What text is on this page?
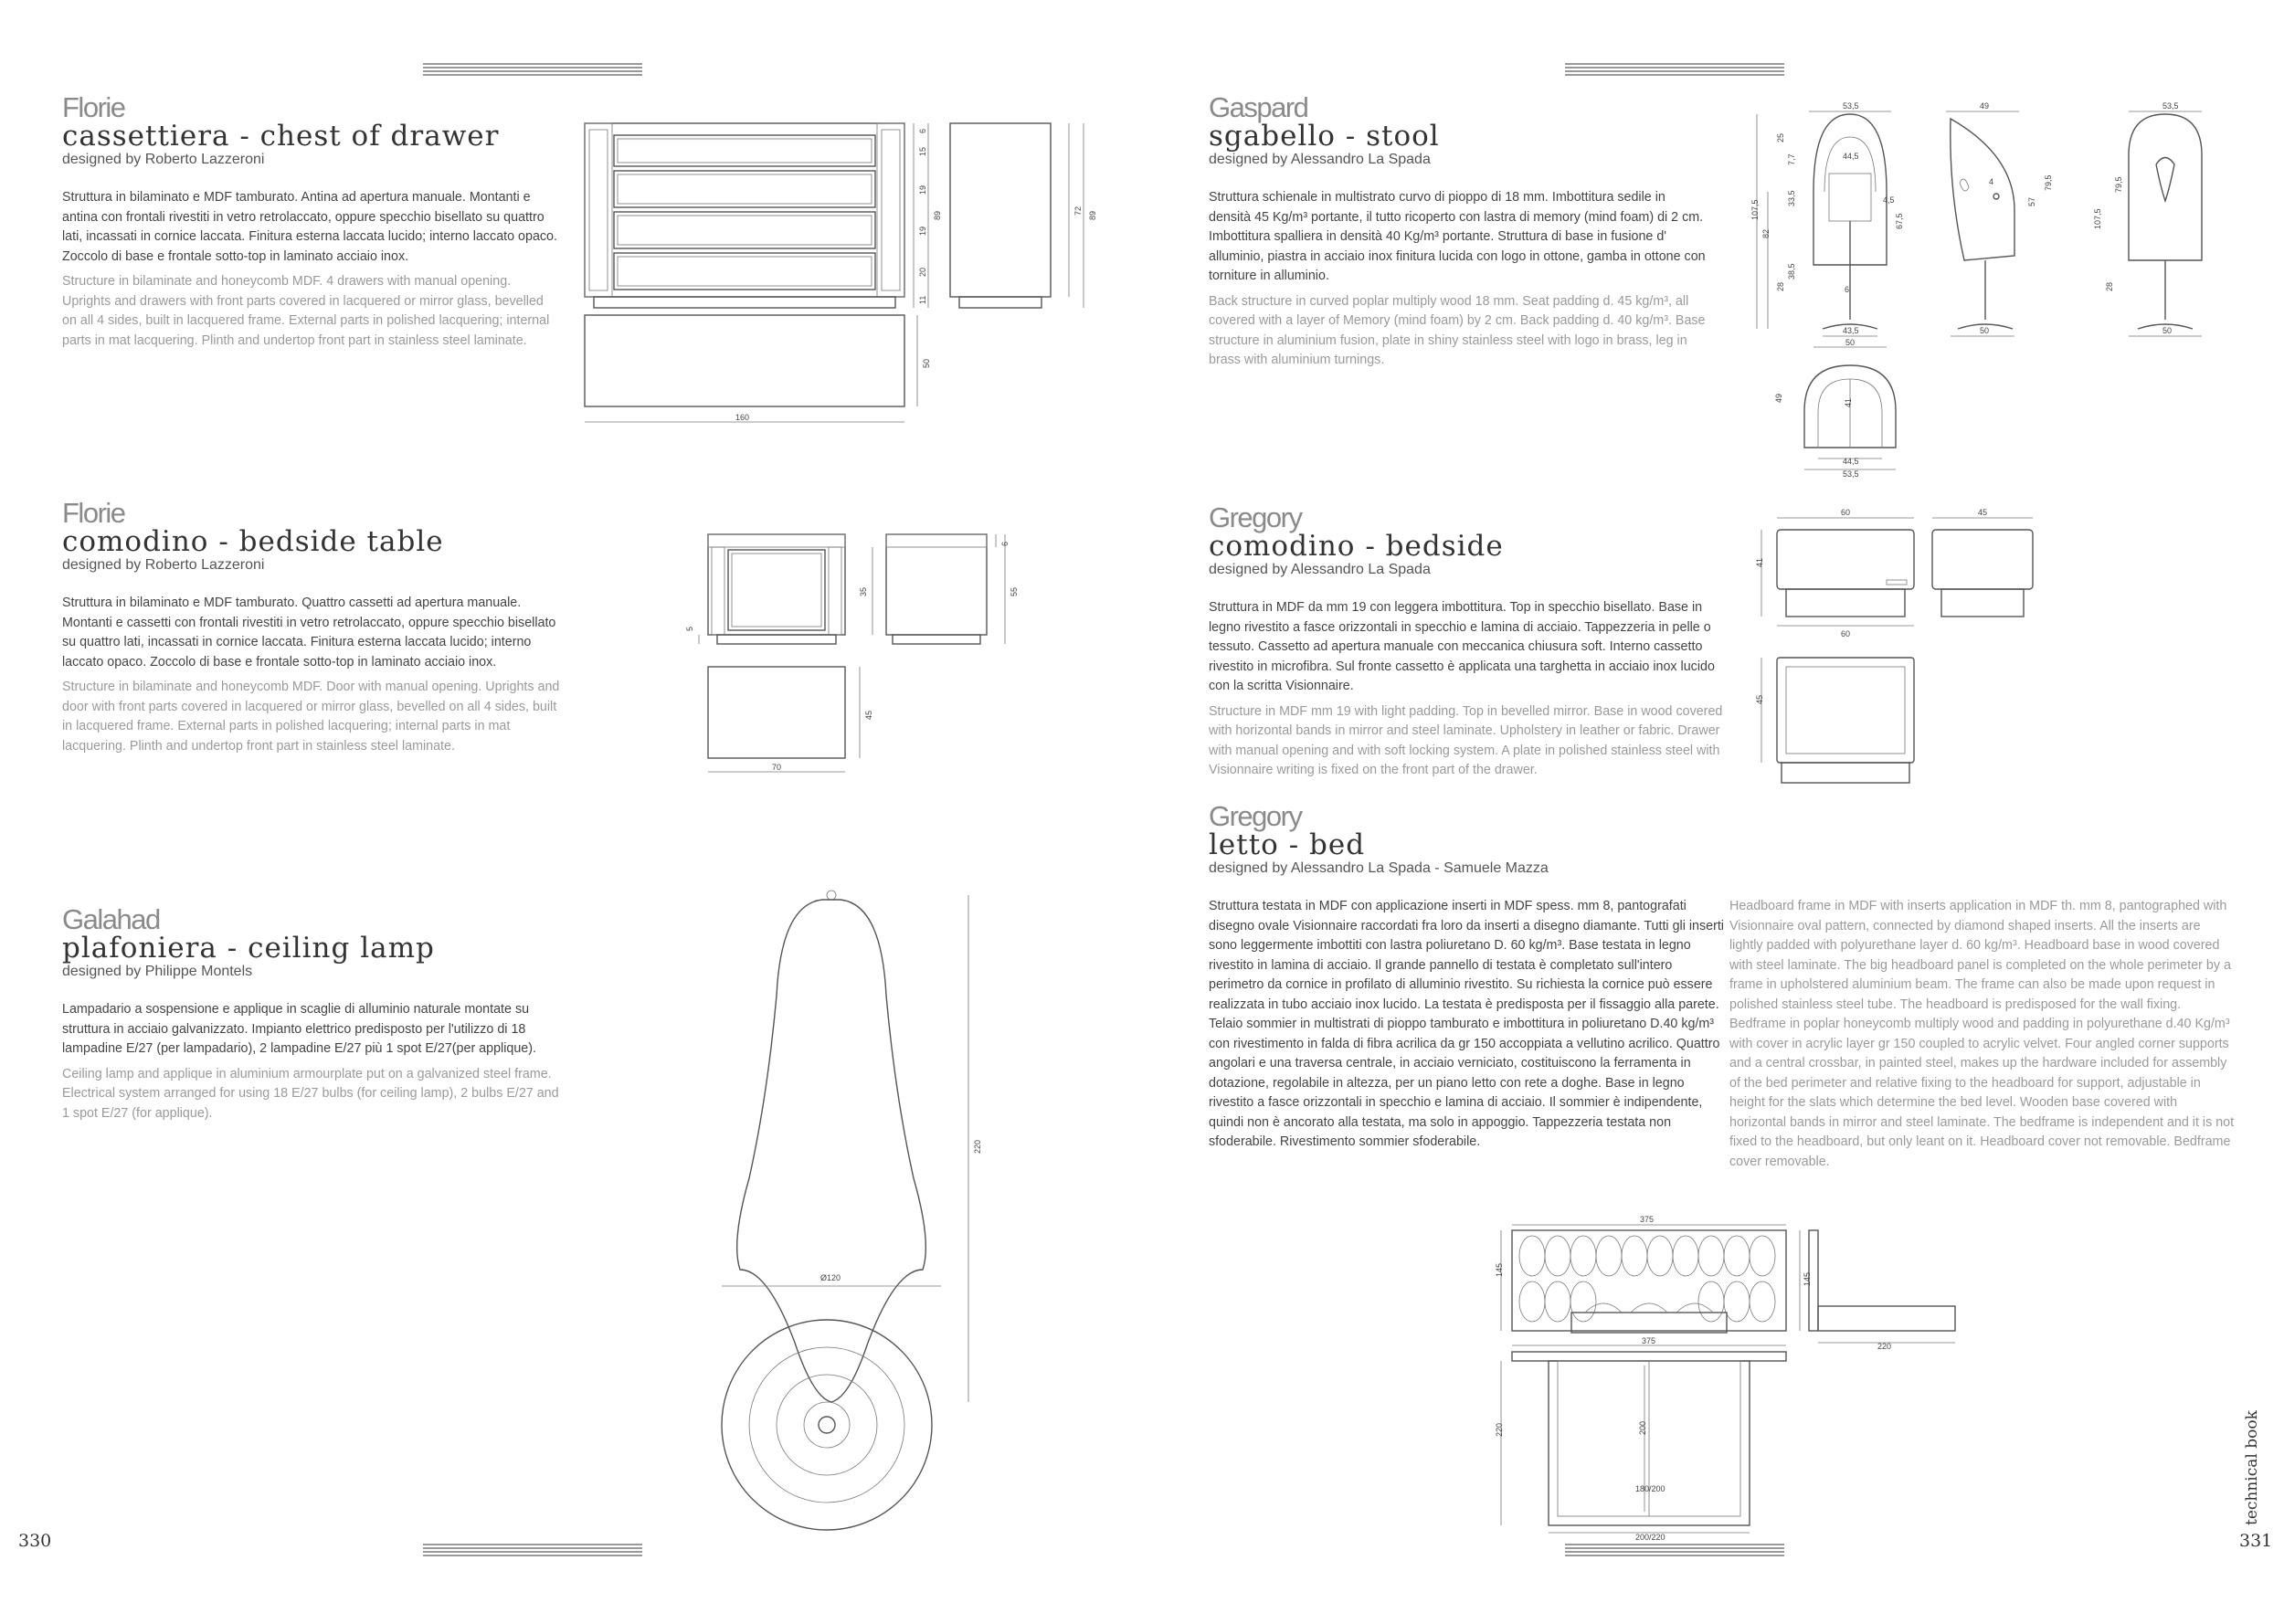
330	331
technical book
Florie
cassettiera - chest of drawer
designed by Roberto Lazzeroni
Struttura in bilaminato e MDF tamburato. Antina ad apertura manuale. Montanti e antina con frontali rivestiti in vetro retrolaccato, oppure specchio bisellato su quattro lati, incassati in cornice laccata. Finitura esterna laccata lucido; interno laccato opaco. Zoccolo di base e frontale sotto-top in laminato acciaio inox.
Structure in bilaminate and honeycomb MDF. 4 drawers with manual opening. Uprights and drawers with front parts covered in lacquered or mirror glass, bevelled on all 4 sides, built in lacquered frame. External parts in polished lacquering; internal parts in mat lacquering. Plinth and undertop front part in stainless steel laminate.
6
15
19
19
20
11
89	72 89
160
50
Florie
comodino - bedside table
designed by Roberto Lazzeroni
Struttura in bilaminato e MDF tamburato. Quattro cassetti ad apertura manuale. Montanti e cassetti con frontali rivestiti in vetro retrolaccato, oppure specchio bisellato su quattro lati, incassati in cornice laccata. Finitura esterna laccata lucido; interno laccato opaco. Zoccolo di base e frontale sotto-top in laminato acciaio inox.
Structure in bilaminate and honeycomb MDF. Door with manual opening. Uprights and door with front parts covered in lacquered or mirror glass, bevelled on all 4 sides, built in lacquered frame. External parts in polished lacquering; internal parts in mat lacquering. Plinth and undertop front part in stainless steel laminate.
5
6
35	55
70
45
Galahad
plafoniera - ceiling lamp
designed by Philippe Montels
Lampadario a sospensione e applique in scaglie di alluminio naturale montate su struttura in acciaio galvanizzato. Impianto elettrico predisposto per l'utilizzo di 18 lampadine E/27 (per lampadario), 2 lampadine E/27 più 1 spot E/27(per applique).
Ceiling lamp and applique in aluminium armourplate put on a galvanized steel frame. Electrical system arranged for using 18 E/27 bulbs (for ceiling lamp), 2 bulbs E/27 and 1 spot E/27 (for applique).
220
Ø120
Gaspard
sgabello - stool
designed by Alessandro La Spada
Struttura schienale in multistrato curvo di pioppo di 18 mm. Imbottitura sedile in densità 45 Kg/m³ portante, il tutto ricoperto con lastra di memory (mind foam) di 2 cm. Imbottitura spalliera in densità 40 Kg/m³ portante. Struttura di base in fusione d' alluminio, piastra in acciaio inox finitura lucida con logo in ottone, gamba in ottone con torniture in alluminio.
Back structure in curved poplar multiply wood 18 mm. Seat padding d. 45 kg/m³, all covered with a layer of Memory (mind foam) by 2 cm. Back padding d. 40 kg/m³. Base structure in aluminium fusion, plate in shiny stainless steel with logo in brass, leg in brass with aluminium turnings.
53,5
44,5
6
43,5
50
107,5
82
28
38,5
33,5
25
7,7
67,5
4,5
49
4
50
57
79,5
53,5
50
107,5
79,5
28
41
49
44,5
53,5
Gregory
comodino - bedside
designed by Alessandro La Spada
Struttura in MDF da mm 19 con leggera imbottitura. Top in specchio bisellato. Base in legno rivestito a fasce orizzontali in specchio e lamina di acciaio. Tappezzeria in pelle o tessuto. Cassetto ad apertura manuale con meccanica chiusura soft. Interno cassetto rivestito in microfibra. Sul fronte cassetto è applicata una targhetta in acciaio inox lucido con la scritta Visionnaire.
Structure in MDF mm 19 with light padding. Top in bevelled mirror. Base in wood covered with horizontal bands in mirror and steel laminate. Upholstery in leather or fabric. Drawer with manual opening and with soft locking system. A plate in polished stainless steel with Visionnaire writing is fixed on the front part of the drawer.
60
41
60
45
45
Gregory
letto - bed
designed by Alessandro La Spada - Samuele Mazza
Struttura testata in MDF con applicazione inserti in MDF spess. mm 8, pantografati disegno ovale Visionnaire raccordati fra loro da inserti a disegno diamante. Tutti gli inserti sono leggermente imbottiti con lastra poliuretano D. 60 kg/m³. Base testata in legno rivestito in lamina di acciaio. Il grande pannello di testata è completato sull'intero perimetro da cornice in profilato di alluminio rivestito. Su richiesta la cornice può essere realizzata in tubo acciaio inox lucido. La testata è predisposta per il fissaggio alla parete. Telaio sommier in multistrati di pioppo tamburato e imbottitura in poliuretano D.40 kg/m³ con rivestimento in falda di fibra acrilica da gr 150 accoppiata a vellutino acrilico. Quattro angolari e una traversa centrale, in acciaio verniciato, costituiscono la ferramenta in dotazione, regolabile in altezza, per un piano letto con rete a doghe. Base in legno rivestito a fasce orizzontali in specchio e lamina di acciaio. Il sommier è indipendente, quindi non è ancorato alla testata, ma solo in appoggio. Tappezzeria testata non sfoderabile. Rivestimento sommier sfoderabile.
Headboard frame in MDF with inserts application in MDF th. mm 8, pantographed with Visionnaire oval pattern, connected by diamond shaped inserts. All the inserts are lightly padded with polyurethane layer d. 60 kg/m³. Headboard base in wood covered with steel laminate. The big headboard panel is completed on the whole perimeter by a frame in upholstered aluminium beam. The frame can also be made upon request in polished stainless steel tube. The headboard is predisposed for the wall fixing. Bedframe in poplar honeycomb multiply wood and padding in polyurethane d.40 Kg/m³ with cover in acrylic layer gr 150 coupled to acrylic velvet. Four angled corner supports and a central crossbar, in painted steel, makes up the hardware included for assembly of the bed perimeter and relative fixing to the headboard for support, adjustable in height for the slats which determine the bed level. Wooden base covered with horizontal bands in mirror and steel laminate. The bedframe is independent and it is not fixed to the headboard, but only leant on it. Headboard cover not removable. Bedframe cover removable.
375
145
375
145
220
200
180/200
200/220
220
